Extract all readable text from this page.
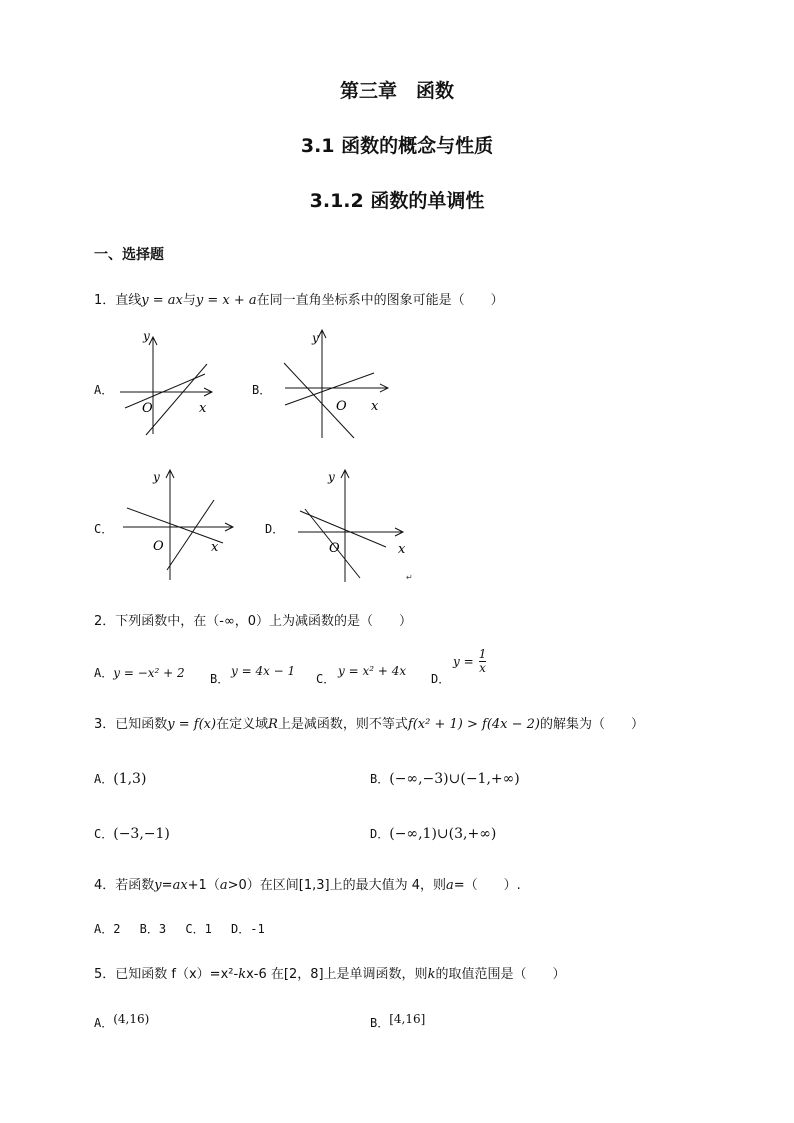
第三章　函数
3.1 函数的概念与性质
3.1.2 函数的单调性
一、选择题
1．直线y = ax与y = x + a在同一直角坐标系中的图象可能是（　　）
A．
y
x
O
B．
y
x
O
C．
y
x
O
D．
y
x
O
↵
2．下列函数中，在（-∞，0）上为减函数的是（　　）
A．y = −x² + 2 B．
y = 4x − 1
C．
y = x² + 4x
D．
$y = \frac{1}{x}$
3．已知函数y = f(x)在定义域R上是减函数，则不等式f(x² + 1) > f(4x − 2)的解集为（　　）
A．(1,3)	B．(−∞,−3)∪(−1,+∞)
C．(−3,−1)	D．(−∞,1)∪(3,+∞)
4．若函数y=ax+1（a>0）在区间[1,3]上的最大值为 4，则a=（　　）.
A．2　 B．3　 C．1　 D．-1
5．已知函数 f（x）=x²-kx-6 在[2，8]上是单调函数，则k的取值范围是（　　）
$_{A.}$(4,16)	$_{B.}$[4,16]
